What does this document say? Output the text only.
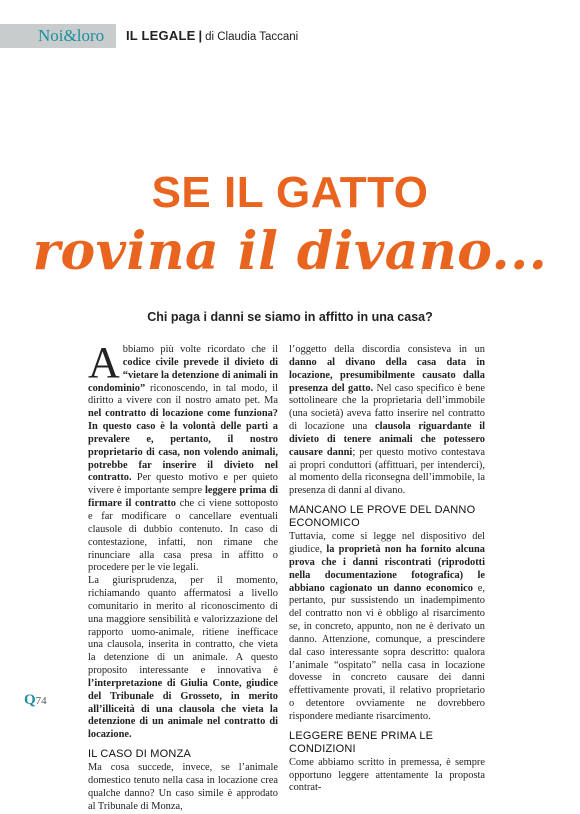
Noi&loro IL LEGALE | di Claudia Taccani
SE IL GATTO
rovina il divano...
Chi paga i danni se siamo in affitto in una casa?

Abbiamo più volte ricordato che il codice civile prevede il divieto di “vietare la detenzione di animali in condominio” riconoscendo, in tal modo, il diritto a vivere con il nostro amato pet. Ma nel contratto di locazione come funziona? In questo caso è la volontà delle parti a prevalere e, pertanto, il nostro proprietario di casa, non volendo animali, potrebbe far inserire il divieto nel contratto. Per questo motivo e per quieto vivere è importante sempre leggere prima di firmare il contratto che ci viene sottoposto e far modificare o cancellare eventuali clausole di dubbio contenuto. In caso di contestazione, infatti, non rimane che rinunciare alla casa presa in affitto o procedere per le vie legali.

La giurisprudenza, per il momento, richiamando quanto affermatosi a livello comunitario in merito al riconoscimento di una maggiore sensibilità e valorizzazione del rapporto uomo-animale, ritiene inefficace una clausola, inserita in contratto, che vieta la detenzione di un animale. A questo proposito interessante e innovativa è l’interpretazione di Giulia Conte, giudice del Tribunale di Grosseto, in merito all’illiceità di una clausola che vieta la detenzione di un animale nel contratto di locazione.

IL CASO DI MONZA

Ma cosa succede, invece, se l’animale domestico tenuto nella casa in locazione crea qualche danno? Un caso simile è approdato al Tribunale di Monza,

l’oggetto della discordia consisteva in un danno al divano della casa data in locazione, presumibilmente causato dalla presenza del gatto. Nel caso specifico è bene sottolineare che la proprietaria dell’immobile (una società) aveva fatto inserire nel contratto di locazione una clausola riguardante il divieto di tenere animali che potessero causare danni; per questo motivo contestava ai propri conduttori (affittuari, per intenderci), al momento della riconsegna dell’immobile, la presenza di danni al divano.

MANCANO LE PROVE DEL DANNO ECONOMICO

Tuttavia, come si legge nel dispositivo del giudice, la proprietà non ha fornito alcuna prova che i danni riscontrati (riprodotti nella documentazione fotografica) le abbiano cagionato un danno economico e, pertanto, pur sussistendo un inadempimento del contratto non vi è obbligo al risarcimento se, in concreto, appunto, non ne è derivato un danno. Attenzione, comunque, a prescindere dal caso interessante sopra descritto: qualora l’animale “ospitato” nella casa in locazione dovesse in concreto causare dei danni effettivamente provati, il relativo proprietario o detentore ovviamente ne dovrebbero rispondere mediante risarcimento.

LEGGERE BENE PRIMA LE CONDIZIONI

Come abbiamo scritto in premessa, è sempre opportuno leggere attentamente la proposta contrat-

Q74
